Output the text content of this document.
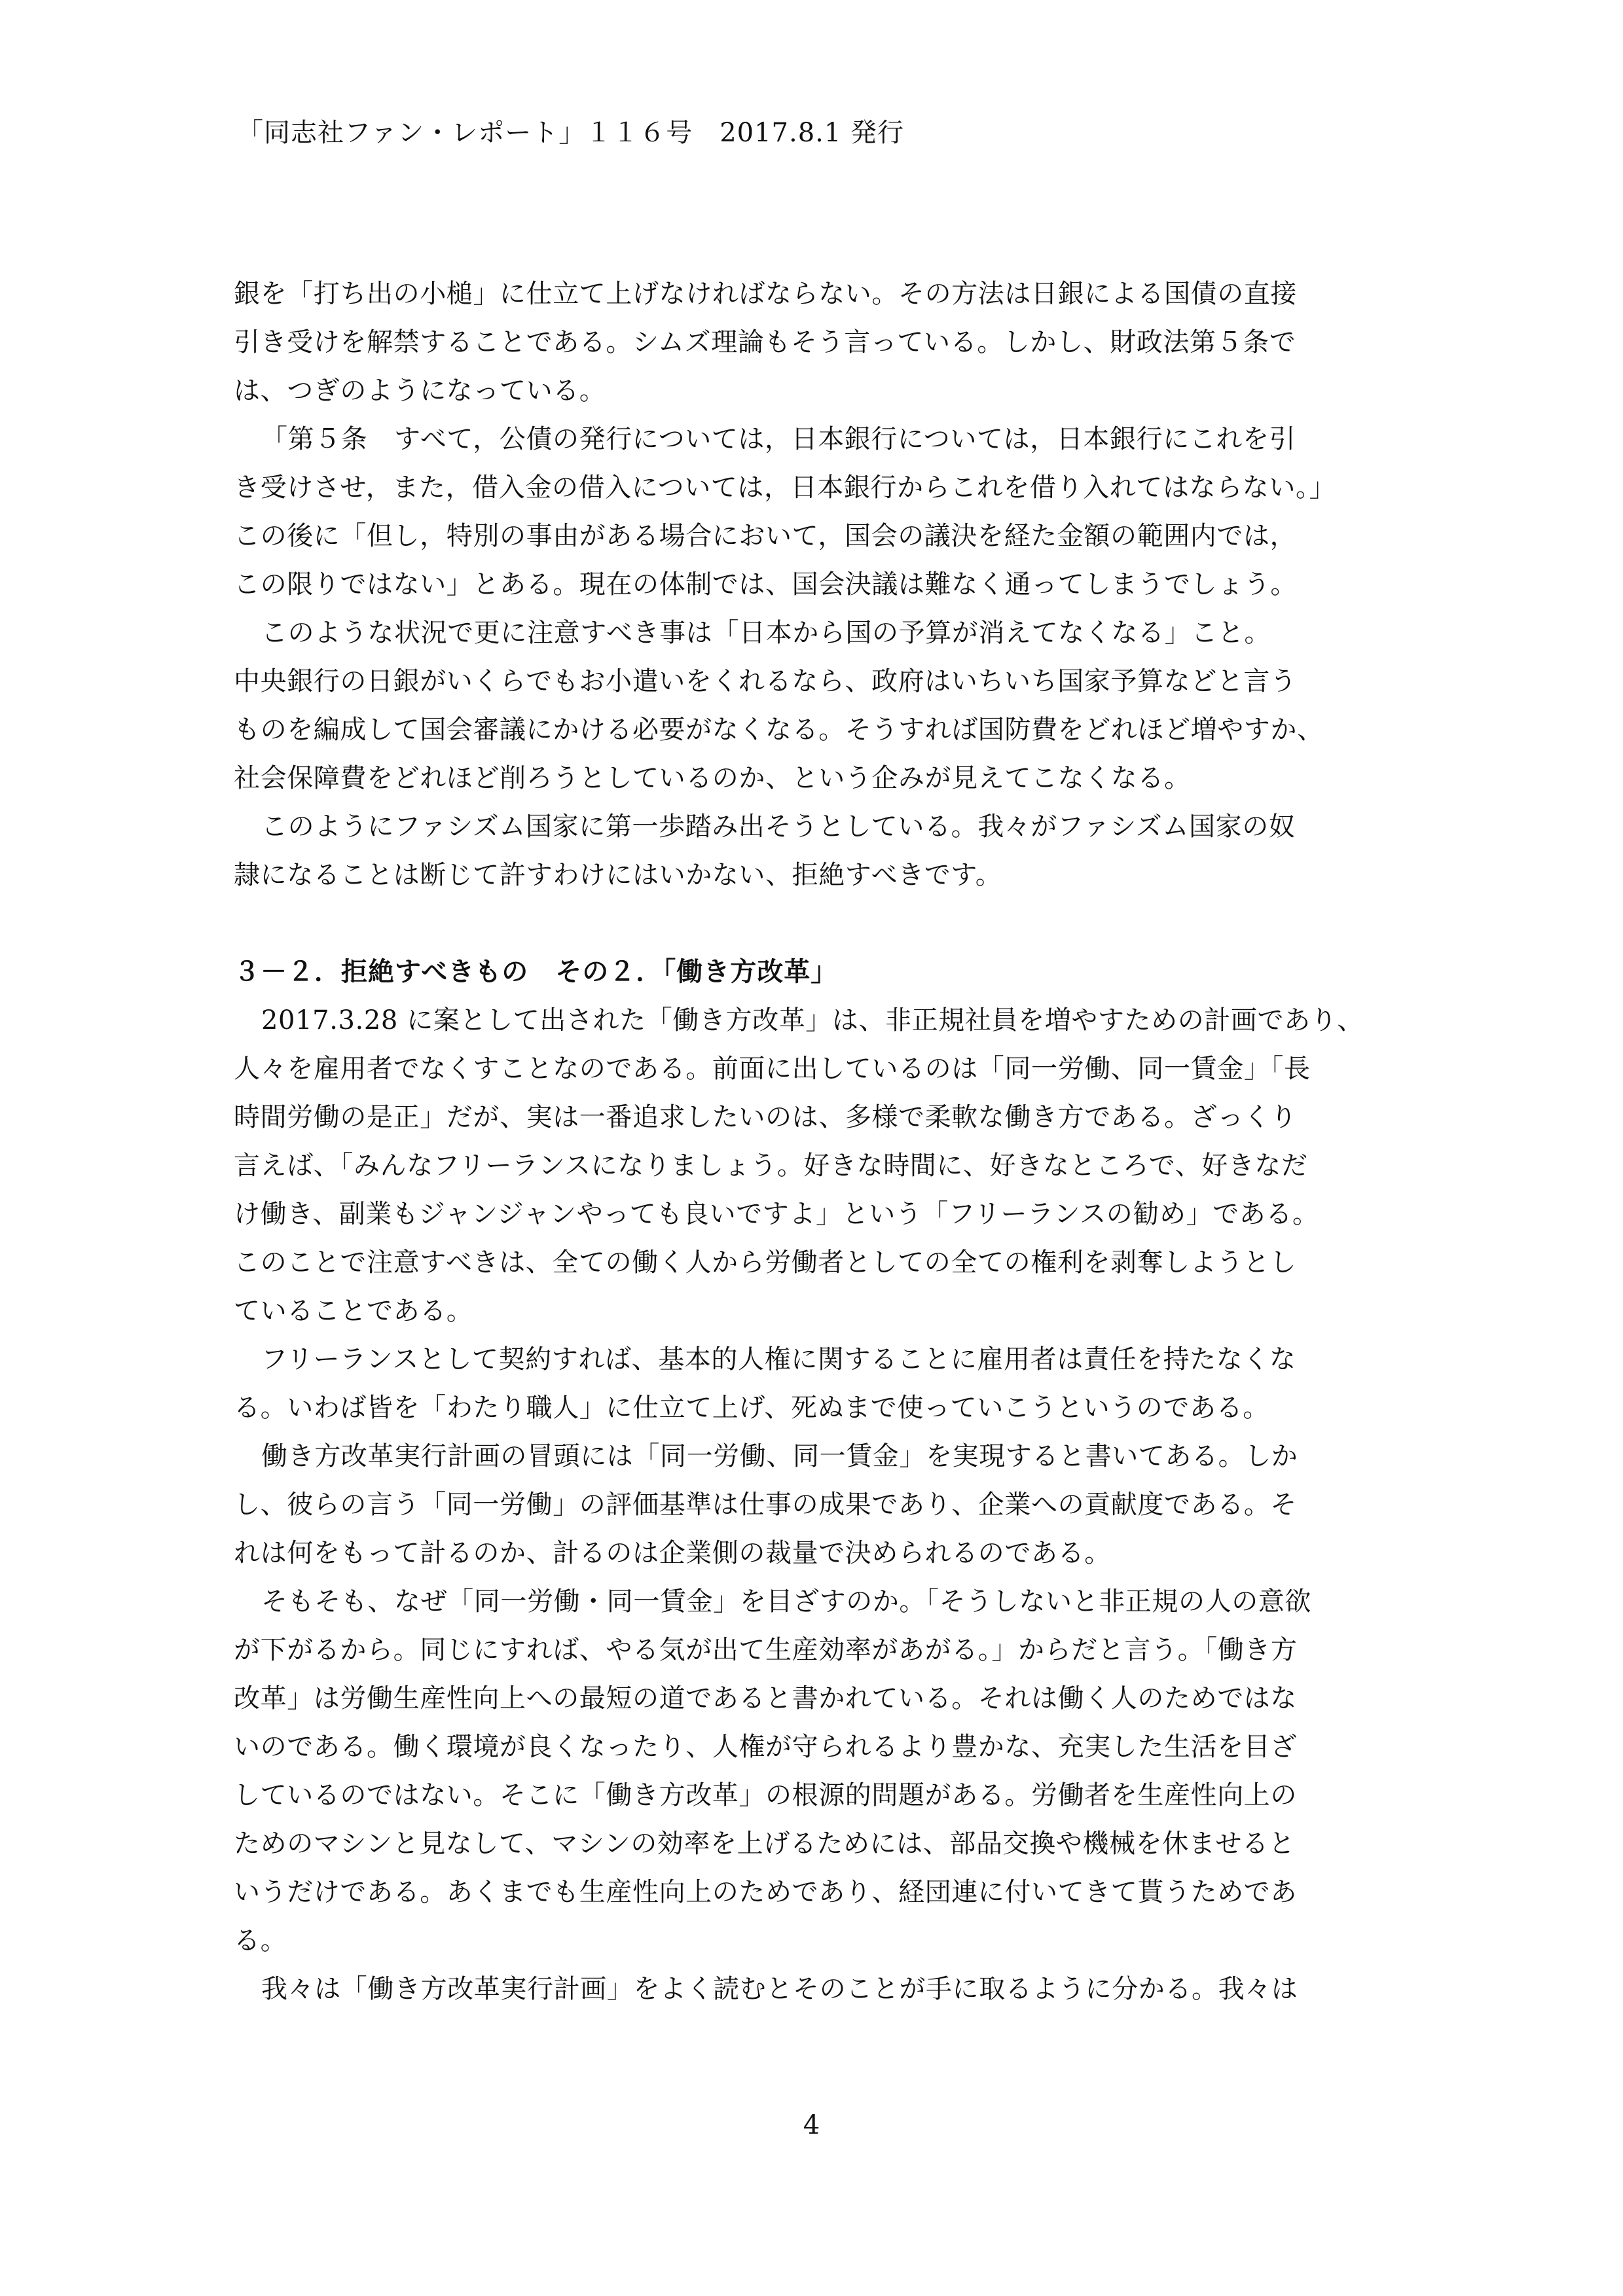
「同志社ファン・レポート」１１６号　2017.8.1 発行
銀を「打ち出の小槌」に仕立て上げなければならない。その方法は日銀による国債の直接
引き受けを解禁することである。シムズ理論もそう言っている。しかし、財政法第５条で
は、つぎのようになっている。
「第５条　すべて，公債の発行については，日本銀行については，日本銀行にこれを引
き受けさせ，また，借入金の借入については，日本銀行からこれを借り入れてはならない。」
この後に「但し，特別の事由がある場合において，国会の議決を経た金額の範囲内では，
この限りではない」とある。現在の体制では、国会決議は難なく通ってしまうでしょう。
このような状況で更に注意すべき事は「日本から国の予算が消えてなくなる」こと。
中央銀行の日銀がいくらでもお小遣いをくれるなら、政府はいちいち国家予算などと言う
ものを編成して国会審議にかける必要がなくなる。そうすれば国防費をどれほど増やすか、
社会保障費をどれほど削ろうとしているのか、という企みが見えてこなくなる。
このようにファシズム国家に第一歩踏み出そうとしている。我々がファシズム国家の奴
隷になることは断じて許すわけにはいかない、拒絶すべきです。
３－２．拒絶すべきもの　その２．「働き方改革」
2017.3.28 に案として出された「働き方改革」は、非正規社員を増やすための計画であり、
人々を雇用者でなくすことなのである。前面に出しているのは「同一労働、同一賃金」「長
時間労働の是正」だが、実は一番追求したいのは、多様で柔軟な働き方である。ざっくり
言えば、「みんなフリーランスになりましょう。好きな時間に、好きなところで、好きなだ
け働き、副業もジャンジャンやっても良いですよ」という「フリーランスの勧め」である。
このことで注意すべきは、全ての働く人から労働者としての全ての権利を剥奪しようとし
ていることである。
フリーランスとして契約すれば、基本的人権に関することに雇用者は責任を持たなくな
る。いわば皆を「わたり職人」に仕立て上げ、死ぬまで使っていこうというのである。
働き方改革実行計画の冒頭には「同一労働、同一賃金」を実現すると書いてある。しか
し、彼らの言う「同一労働」の評価基準は仕事の成果であり、企業への貢献度である。そ
れは何をもって計るのか、計るのは企業側の裁量で決められるのである。
そもそも、なぜ「同一労働・同一賃金」を目ざすのか。「そうしないと非正規の人の意欲
が下がるから。同じにすれば、やる気が出て生産効率があがる。」からだと言う。「働き方
改革」は労働生産性向上への最短の道であると書かれている。それは働く人のためではな
いのである。働く環境が良くなったり、人権が守られるより豊かな、充実した生活を目ざ
しているのではない。そこに「働き方改革」の根源的問題がある。労働者を生産性向上の
ためのマシンと見なして、マシンの効率を上げるためには、部品交換や機械を休ませると
いうだけである。あくまでも生産性向上のためであり、経団連に付いてきて貰うためであ
る。
我々は「働き方改革実行計画」をよく読むとそのことが手に取るように分かる。我々は
4
